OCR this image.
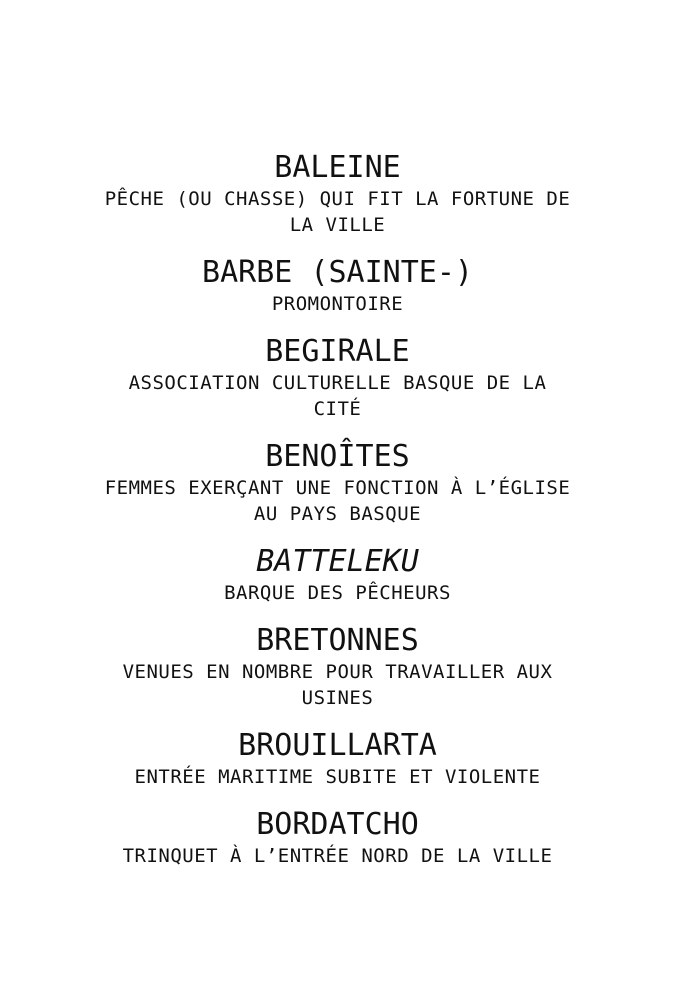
BALEINE

PÊCHE (OU CHASSE) QUI FIT LA FORTUNE DE LA VILLE

BARBE (SAINTE-)

PROMONTOIRE

BEGIRALE

ASSOCIATION CULTURELLE BASQUE DE LA CITÉ

BENOÎTES

FEMMES EXERÇANT UNE FONCTION À L’ÉGLISE AU PAYS BASQUE

BATTELEKU

BARQUE DES PÊCHEURS

BRETONNES

VENUES EN NOMBRE POUR TRAVAILLER AUX USINES

BROUILLARTA

ENTRÉE MARITIME SUBITE ET VIOLENTE

BORDATCHO

TRINQUET À L’ENTRÉE NORD DE LA VILLE
